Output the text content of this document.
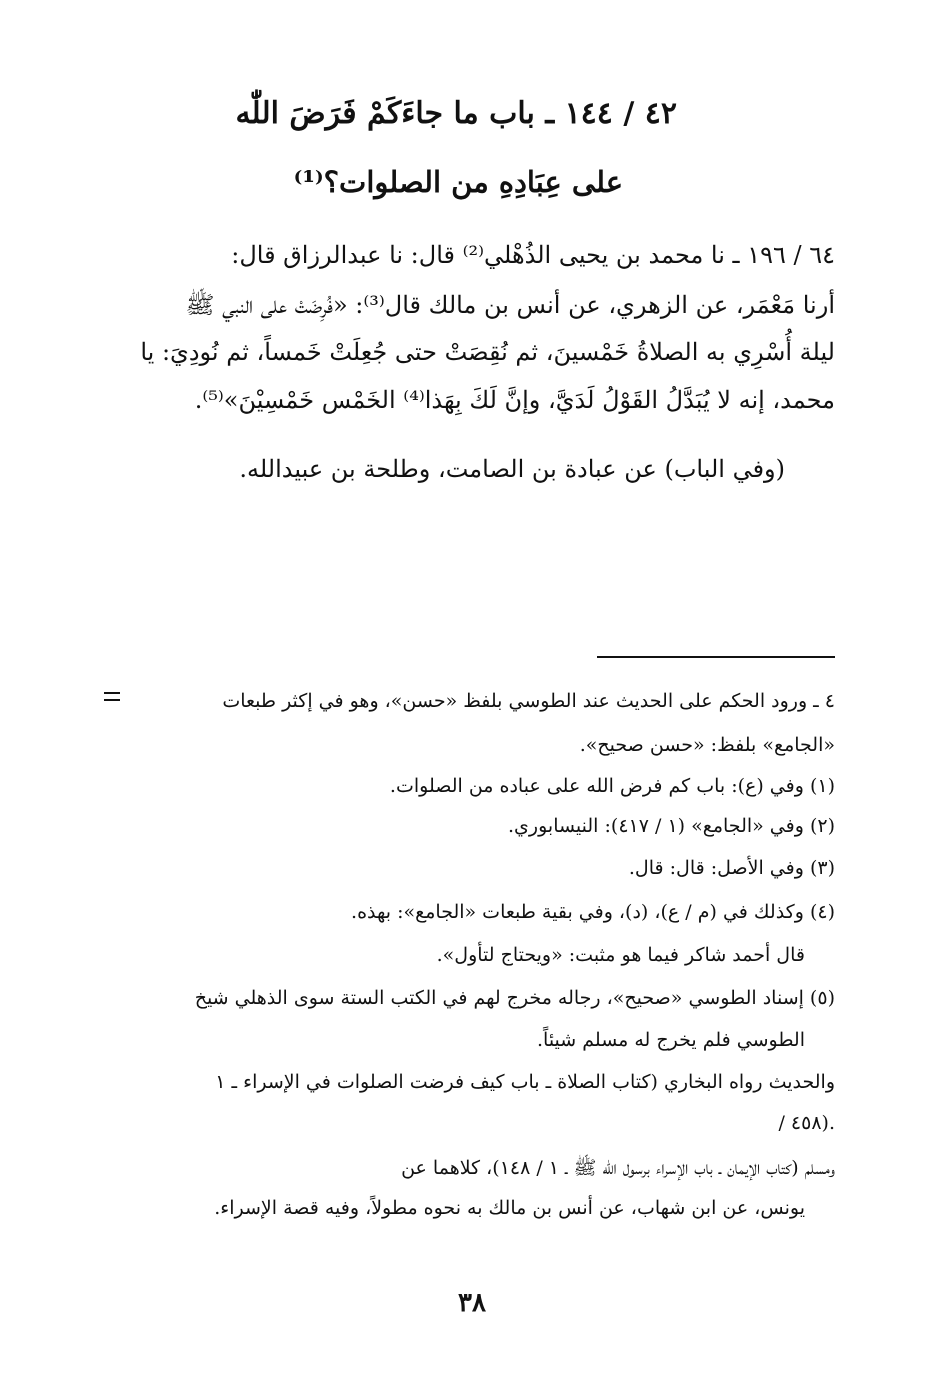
٤٢ / ١٤٤ ـ باب ما جاءَكَمْ فَرَضَ اللّٰه
على عِبَادِهِ من الصلوات؟⁽¹⁾
٦٤ / ١٩٦ ـ نا محمد بن يحيى الذُهْلي⁽²⁾ قال: نا عبدالرزاق قال:
أرنا مَعْمَر، عن الزهري، عن أنس بن مالك قال⁽³⁾: «فُرِضَتْ على النبي ﷺ
ليلة أُسْرِي به الصلاةُ خَمْسينَ، ثم نُقِصَتْ حتى جُعِلَتْ خَمساً، ثم نُودِيَ: يا
محمد، إنه لا يُبَدَّلُ القَوْلُ لَدَيَّ، وإنَّ لَكَ بِهَذا⁽⁴⁾ الخَمْس خَمْسِيْنَ»⁽⁵⁾.
(وفي الباب) عن عبادة بن الصامت، وطلحة بن عبيدالله.
٤ ـ ورود الحكم على الحديث عند الطوسي بلفظ «حسن»، وهو في إكثر طبعات
«الجامع» بلفظ: «حسن صحيح».
(١) وفي (ع): باب كم فرض الله على عباده من الصلوات.
(٢) وفي «الجامع» (١ / ٤١٧): النيسابوري.
(٣) وفي الأصل: قال: قال.
(٤) وكذلك في (م / ع)، (د)، وفي بقية طبعات «الجامع»: بهذه.
قال أحمد شاكر فيما هو مثبت: «ويحتاج لتأول».
(٥) إسناد الطوسي «صحيح»، رجاله مخرج لهم في الكتب الستة سوى الذهلي شيخ
الطوسي فلم يخرج له مسلم شيئاً.
والحديث رواه البخاري (كتاب الصلاة ـ باب كيف فرضت الصلوات في الإسراء ـ ١
/ ٤٥٨).
ومسلم (كتاب الإيمان ـ باب الإسراء برسول الله ﷺ ـ ١ / ١٤٨)، كلاهما عن
يونس، عن ابن شهاب، عن أنس بن مالك به نحوه مطولاً، وفيه قصة الإسراء.
٣٨
